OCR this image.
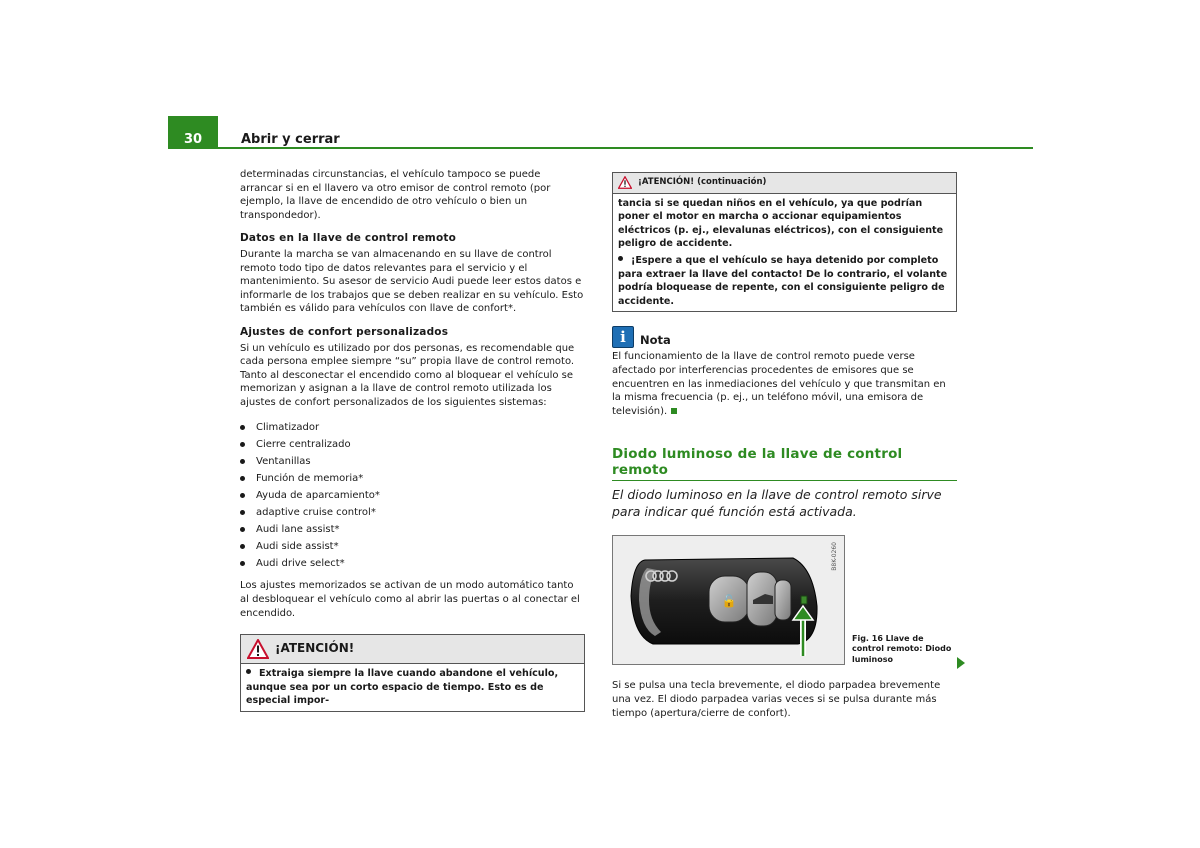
30	Abrir y cerrar

determinadas circunstancias, el vehículo tampoco se puede arrancar si en el llavero va otro emisor de control remoto (por ejemplo, la llave de encendido de otro vehículo o bien un transpondedor).

Datos en la llave de control remoto

Durante la marcha se van almacenando en su llave de control remoto todo tipo de datos relevantes para el servicio y el mantenimiento. Su asesor de servicio Audi puede leer estos datos e informarle de los trabajos que se deben realizar en su vehículo. Esto también es válido para vehículos con llave de confort*.

Ajustes de confort personalizados

Si un vehículo es utilizado por dos personas, es recomendable que cada persona emplee siempre “su” propia llave de control remoto. Tanto al desconectar el encendido como al bloquear el vehículo se memorizan y asignan a la llave de control remoto utilizada los ajustes de confort personalizados de los siguientes sistemas:

Climatizador
Cierre centralizado
Ventanillas
Función de memoria*
Ayuda de aparcamiento*
adaptive cruise control*
Audi lane assist*
Audi side assist*
Audi drive select*

Los ajustes memorizados se activan de un modo automático tanto al desbloquear el vehículo como al abrir las puertas o al conectar el encendido.

¡ATENCIÓN!
Extraiga siempre la llave cuando abandone el vehículo, aunque sea por un corto espacio de tiempo. Esto es de especial impor-
¡ATENCIÓN! (continuación)

tancia si se quedan niños en el vehículo, ya que podrían poner el motor en marcha o accionar equipamientos eléctricos (p. ej., elevalunas eléctricos), con el consiguiente peligro de accidente.

¡Espere a que el vehículo se haya detenido por completo para extraer la llave del contacto! De lo contrario, el volante podría bloquease de repente, con el consiguiente peligro de accidente.

i	Nota

El funcionamiento de la llave de control remoto puede verse afectado por interferencias procedentes de emisores que se encuentren en las inmediaciones del vehículo y que transmitan en la misma frecuencia (p. ej., un teléfono móvil, una emisora de televisión).

Diodo luminoso de la llave de control remoto
El diodo luminoso en la llave de control remoto sirve para indicar qué función está activada.
🔓
B8K-0260
Fig. 16 Llave de control remoto: Diodo luminoso

Si se pulsa una tecla brevemente, el diodo parpadea brevemente una vez. El diodo parpadea varias veces si se pulsa durante más tiempo (apertura/cierre de confort).
